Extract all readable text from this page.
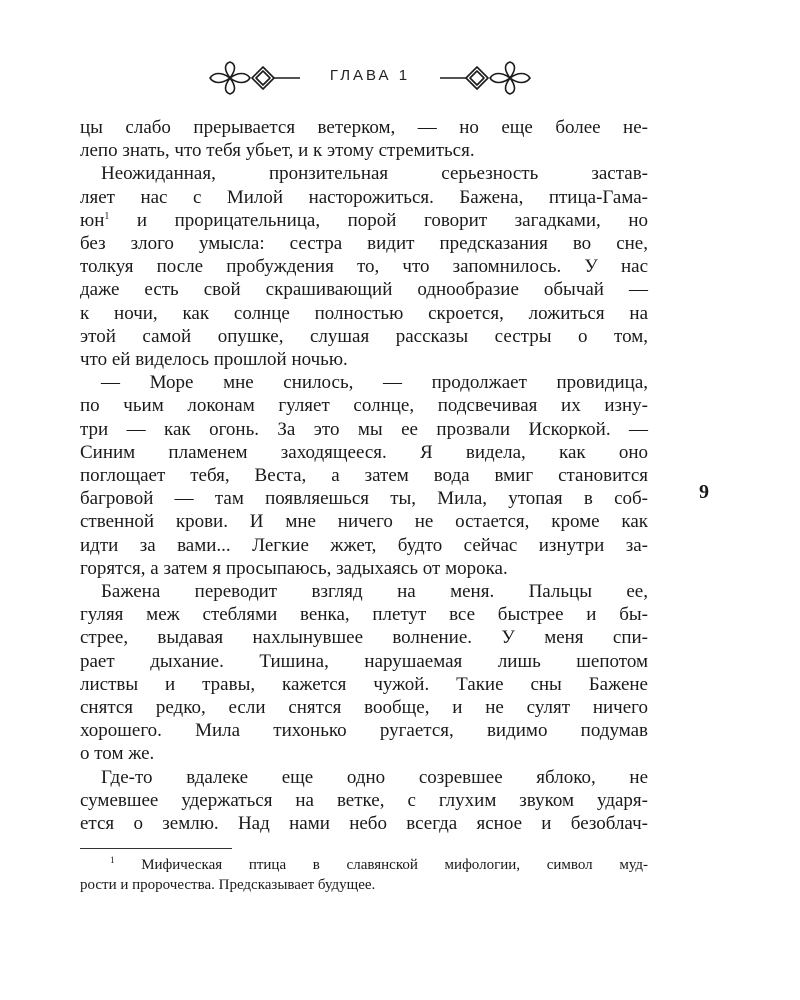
ГЛАВА 1

цы слабо прерывается ветерком, — но еще более не-

лепо знать, что тебя убьет, и к этому стремиться.

Неожиданная, пронзительная серьезность застав-

ляет нас с Милой насторожиться. Бажена, птица-Гама-

юн$^1$ и прорицательница, порой говорит загадками, но

без злого умысла: сестра видит предсказания во сне,

толкуя после пробуждения то, что запомнилось. У нас

даже есть свой скрашивающий однообразие обычай —

к ночи, как солнце полностью скроется, ложиться на

этой самой опушке, слушая рассказы сестры о том,

что ей виделось прошлой ночью.

— Море мне снилось, — продолжает провидица,

по чьим локонам гуляет солнце, подсвечивая их изну-

три — как огонь. За это мы ее прозвали Искоркой. —

Синим пламенем заходящееся. Я видела, как оно

поглощает тебя, Веста, а затем вода вмиг становится

багровой — там появляешься ты, Мила, утопая в соб-

ственной крови. И мне ничего не остается, кроме как

идти за вами... Легкие жжет, будто сейчас изнутри за-

горятся, а затем я просыпаюсь, задыхаясь от морока.

Бажена переводит взгляд на меня. Пальцы ее,

гуляя меж стеблями венка, плетут все быстрее и бы-

стрее, выдавая нахлынувшее волнение. У меня спи-

рает дыхание. Тишина, нарушаемая лишь шепотом

листвы и травы, кажется чужой. Такие сны Бажене

снятся редко, если снятся вообще, и не сулят ничего

хорошего. Мила тихонько ругается, видимо подумав

о том же.

Где-то вдалеке еще одно созревшее яблоко, не

сумевшее удержаться на ветке, с глухим звуком ударя-

ется о землю. Над нами небо всегда ясное и безоблач-

9

$^1$ Мифическая птица в славянской мифологии, символ муд-

рости и пророчества. Предсказывает будущее.
